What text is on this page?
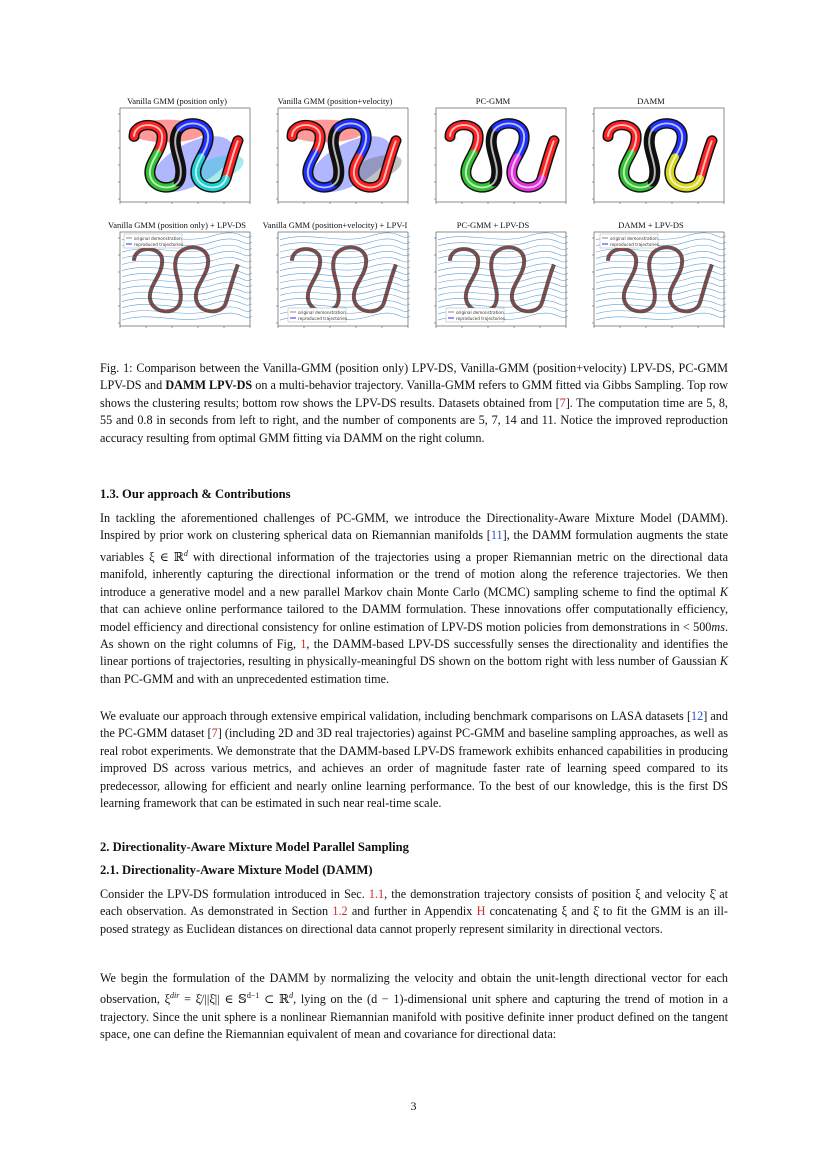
Vanilla GMM (position only)	Vanilla GMM (position+velocity)	PC-GMM	DAMM
Vanilla GMM (position only) + LPV-DS
original demonstration
reproduced trajectories
Vanilla GMM (position+velocity) + LPV-I
original demonstration
reproduced trajectories
PC-GMM + LPV-DS
original demonstration
reproduced trajectories
DAMM + LPV-DS
original demonstration
reproduced trajectories
Fig. 1: Comparison between the Vanilla-GMM (position only) LPV-DS, Vanilla-GMM (position+velocity) LPV-DS, PC-GMM LPV-DS and DAMM LPV-DS on a multi-behavior trajectory. Vanilla-GMM refers to GMM fitted via Gibbs Sampling. Top row shows the clustering results; bottom row shows the LPV-DS results. Datasets obtained from [7]. The computation time are 5, 8, 55 and 0.8 in seconds from left to right, and the number of components are 5, 7, 14 and 11. Notice the improved reproduction accuracy resulting from optimal GMM fitting via DAMM on the right column.
1.3. Our approach & Contributions
In tackling the aforementioned challenges of PC-GMM, we introduce the Directionality-Aware Mixture Model (DAMM). Inspired by prior work on clustering spherical data on Riemannian manifolds [11], the DAMM formulation augments the state variables ξ ∈ ℝ$^d$ with directional information of the trajectories using a proper Riemannian metric on the directional data manifold, inherently capturing the directional information or the trend of motion along the reference trajectories. We then introduce a generative model and a new parallel Markov chain Monte Carlo (MCMC) sampling scheme to find the optimal K that can achieve online performance tailored to the DAMM formulation. These innovations offer computationally efficiency, model efficiency and directional consistency for online estimation of LPV-DS motion policies from demonstrations in < 500ms. As shown on the right columns of Fig, 1, the DAMM-based LPV-DS successfully senses the directionality and identifies the linear portions of trajectories, resulting in physically-meaningful DS shown on the bottom right with less number of Gaussian K than PC-GMM and with an unprecedented estimation time.
We evaluate our approach through extensive empirical validation, including benchmark comparisons on LASA datasets [12] and the PC-GMM dataset [7] (including 2D and 3D real trajectories) against PC-GMM and baseline sampling approaches, as well as real robot experiments. We demonstrate that the DAMM-based LPV-DS framework exhibits enhanced capabilities in producing improved DS across various metrics, and achieves an order of magnitude faster rate of learning speed compared to its predecessor, allowing for efficient and nearly online learning performance. To the best of our knowledge, this is the first DS learning framework that can be estimated in such near real-time scale.
2. Directionality-Aware Mixture Model Parallel Sampling
2.1. Directionality-Aware Mixture Model (DAMM)
Consider the LPV-DS formulation introduced in Sec. 1.1, the demonstration trajectory consists of position ξ and velocity ξ̇ at each observation. As demonstrated in Section 1.2 and further in Appendix H concatenating ξ and ξ̇ to fit the GMM is an ill-posed strategy as Euclidean distances on directional data cannot properly represent similarity in directional vectors.
We begin the formulation of the DAMM by normalizing the velocity and obtain the unit-length directional vector for each observation, $\xi^{dir}$ = ξ̇/||ξ̇|| ∈ 𝕊$^{d-1}$ ⊂ ℝ$^d$, lying on the (d − 1)-dimensional unit sphere and capturing the trend of motion in a trajectory. Since the unit sphere is a nonlinear Riemannian manifold with positive definite inner product defined on the tangent space, one can define the Riemannian equivalent of mean and covariance for directional data:
3
